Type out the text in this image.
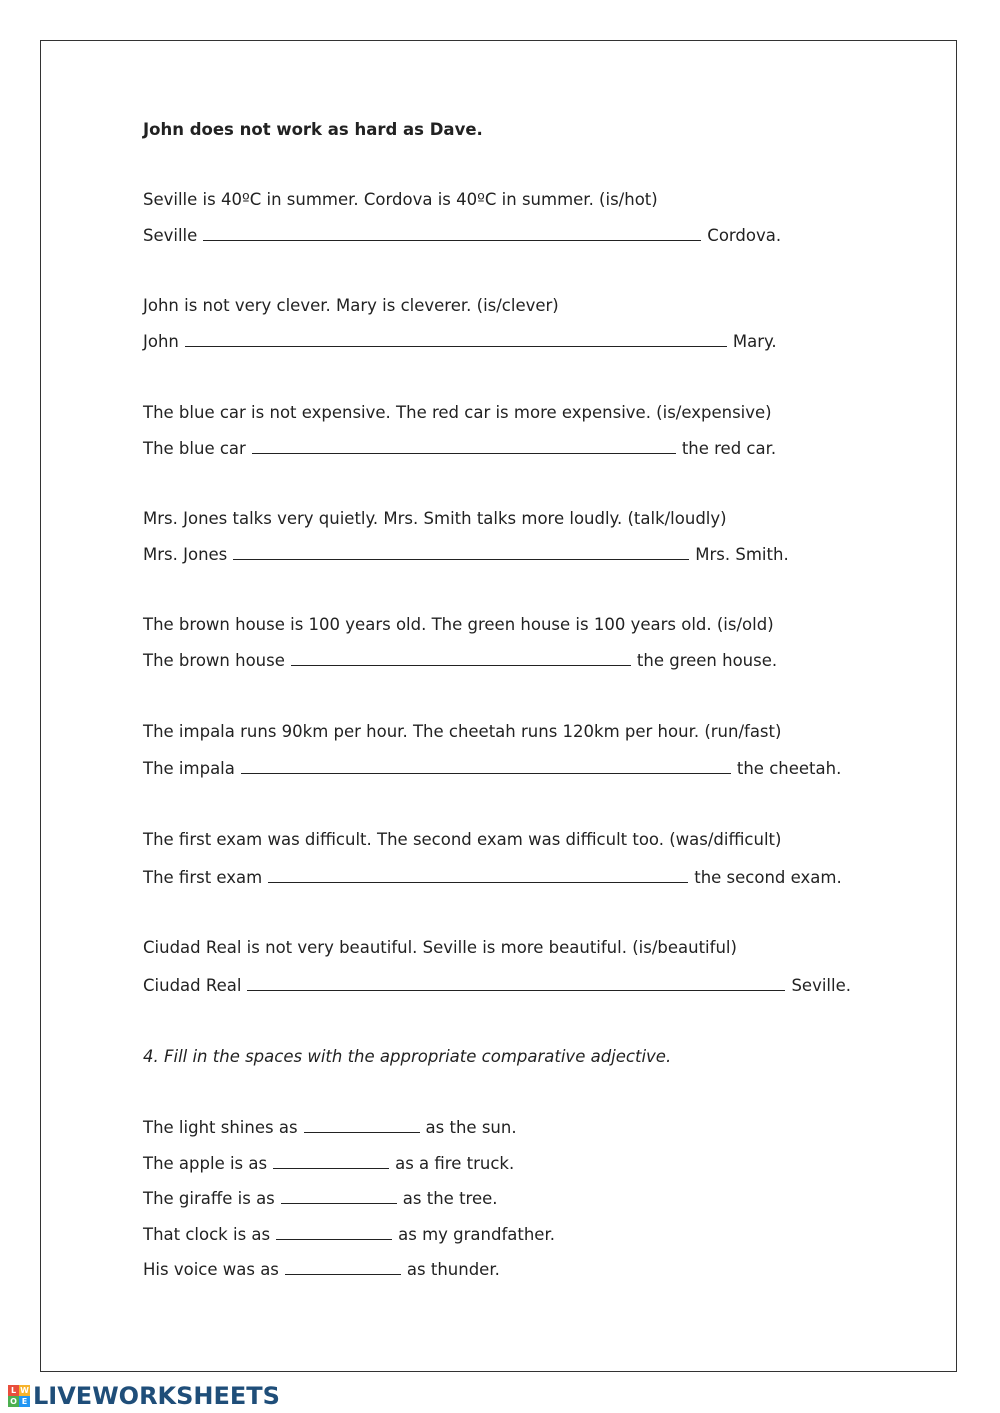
John does not work as hard as Dave.
Seville is 40ºC in summer. Cordova is 40ºC in summer. (is/hot)
Seville	Cordova.
John is not very clever. Mary is cleverer. (is/clever)
John	Mary.
The blue car is not expensive. The red car is more expensive. (is/expensive)
The blue car	the red car.
Mrs. Jones talks very quietly. Mrs. Smith talks more loudly. (talk/loudly)
Mrs. Jones	Mrs. Smith.
The brown house is 100 years old. The green house is 100 years old. (is/old)
The brown house	the green house.
The impala runs 90km per hour. The cheetah runs 120km per hour. (run/fast)
The impala	the cheetah.
The first exam was difficult. The second exam was difficult too. (was/difficult)
The first exam	the second exam.
Ciudad Real is not very beautiful. Seville is more beautiful. (is/beautiful)
Ciudad Real	Seville.
4. Fill in the spaces with the appropriate comparative adjective.
The light shines as	as the sun.
The apple is as	as a fire truck.
The giraffe is as	as the tree.
That clock is as	as my grandfather.
His voice was as	as thunder.
L W
O E LIVEWORKSHEETS
